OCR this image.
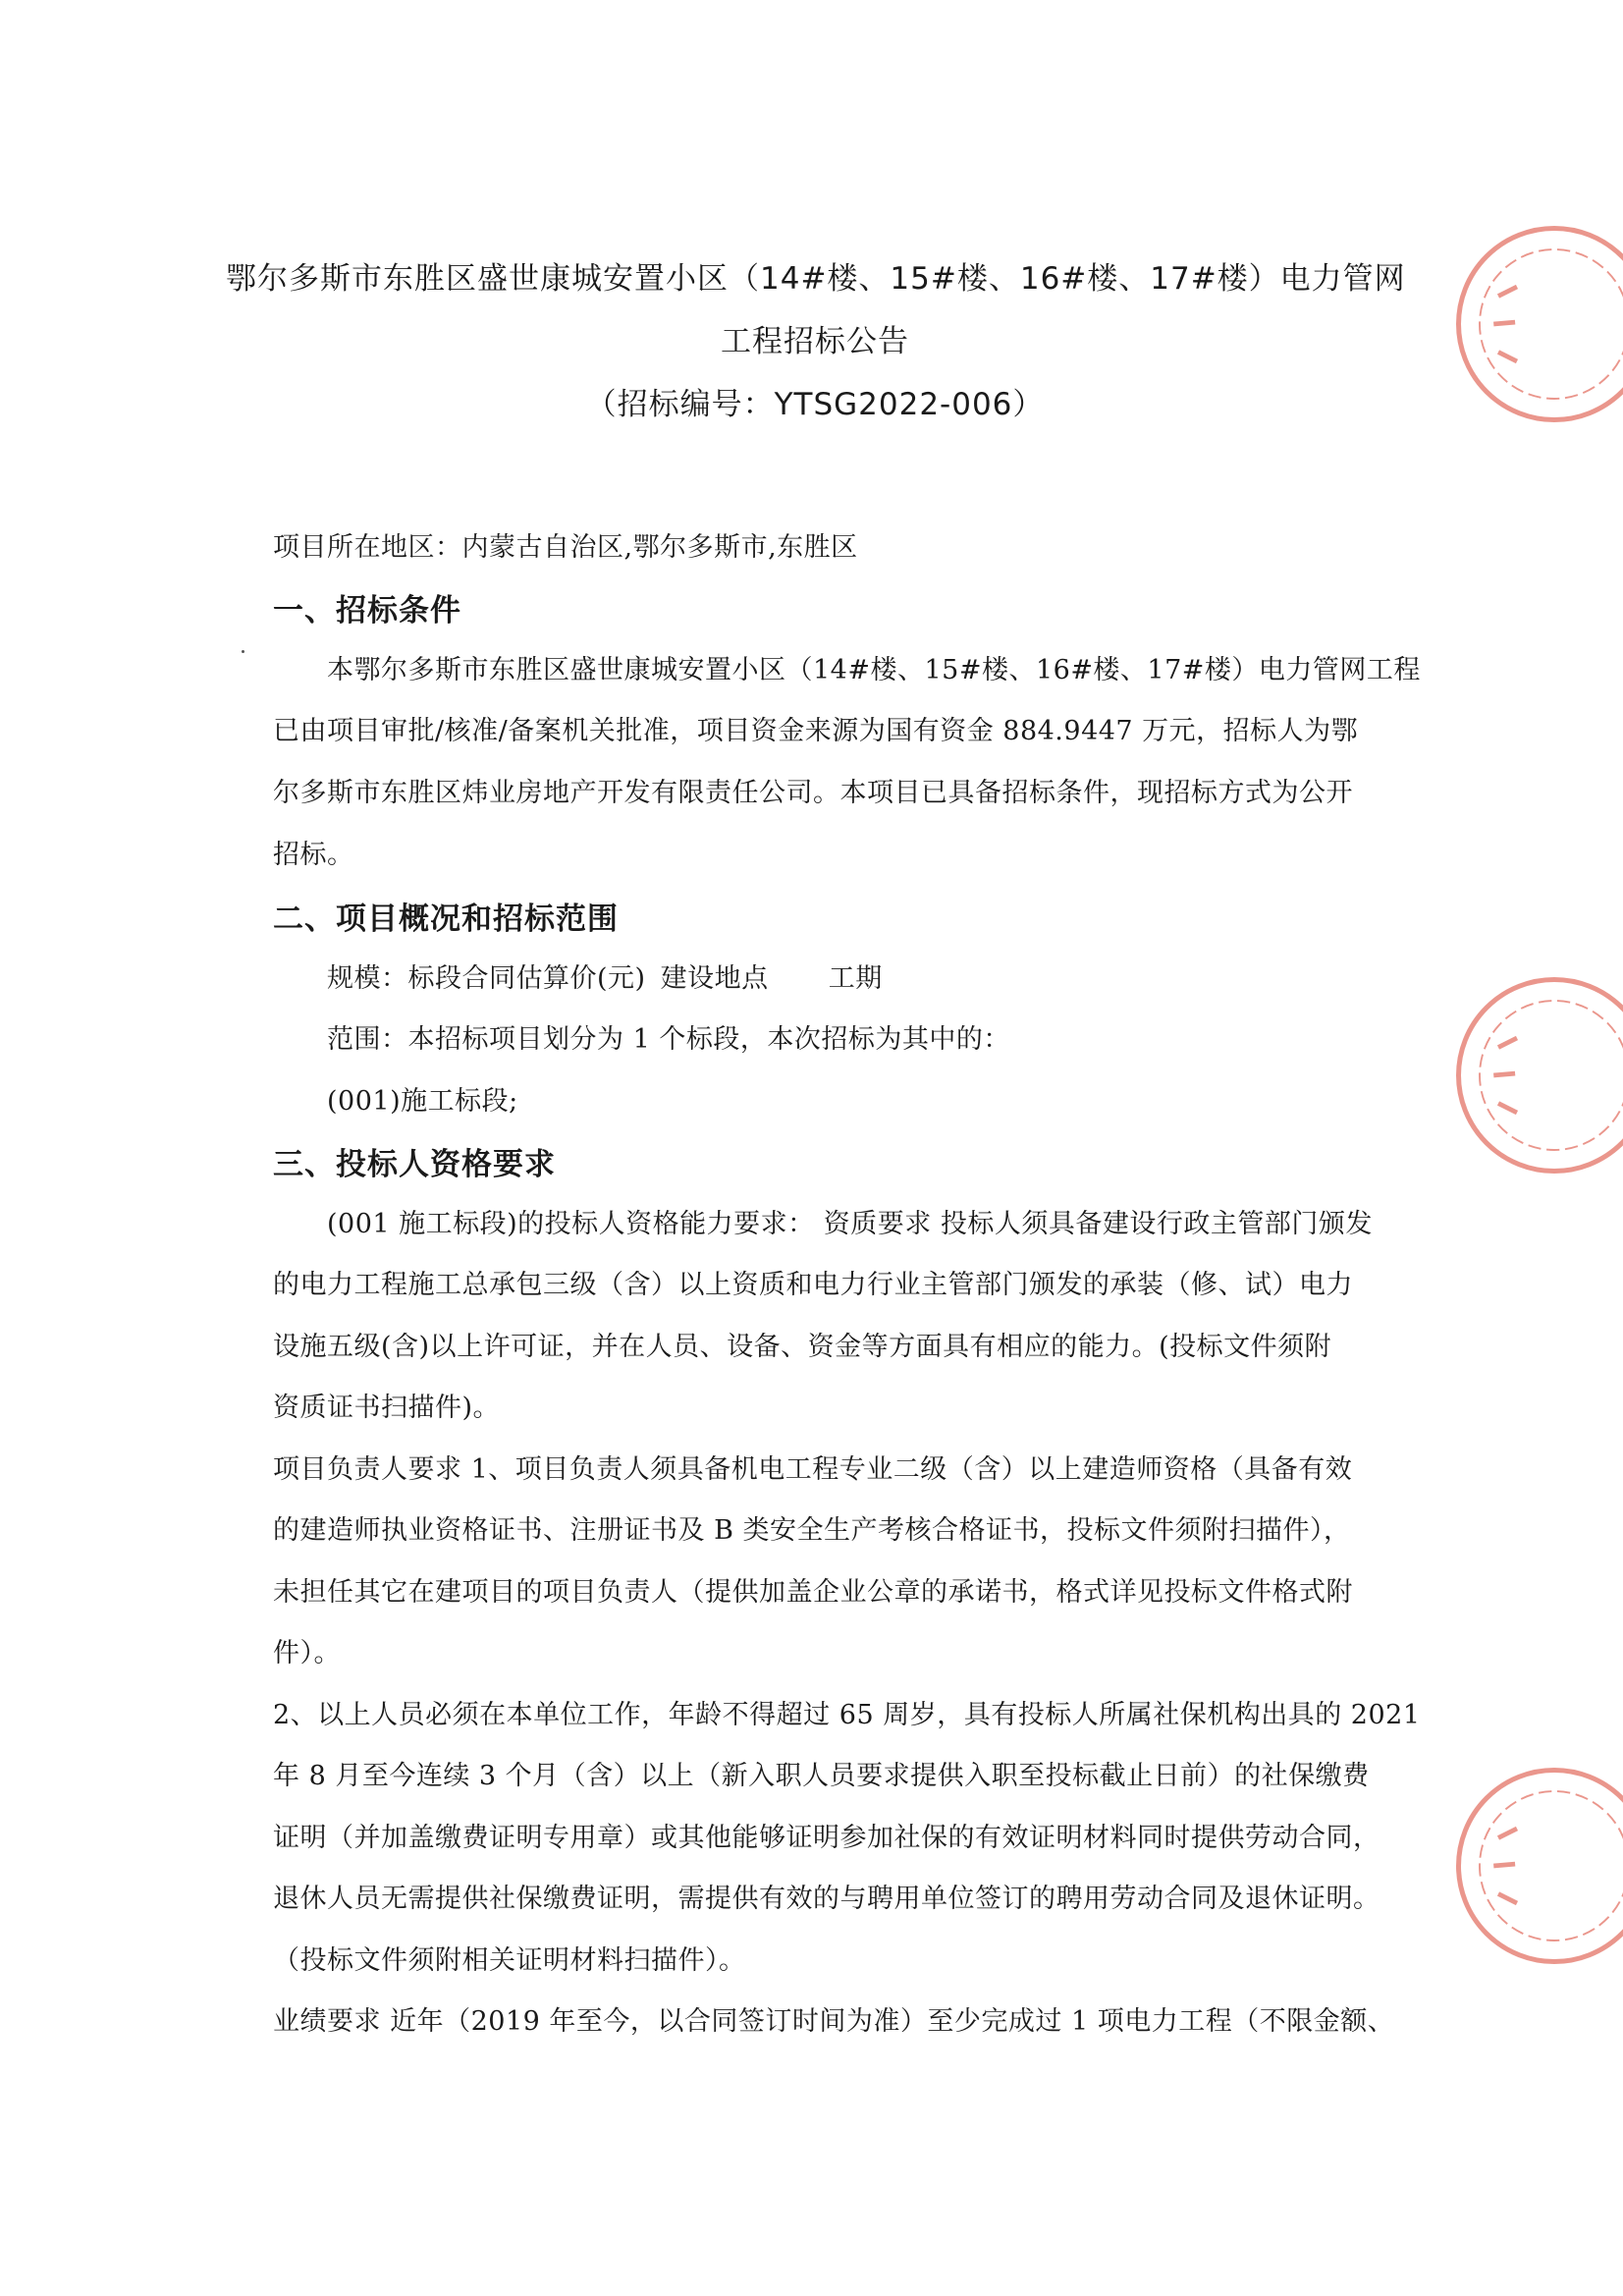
鄂尔多斯市东胜区盛世康城安置小区（14#楼、15#楼、16#楼、17#楼）电力管网
工程招标公告
（招标编号：YTSG2022-006）
项目所在地区：内蒙古自治区,鄂尔多斯市,东胜区
一、招标条件
本鄂尔多斯市东胜区盛世康城安置小区（14#楼、15#楼、16#楼、17#楼）电力管网工程
已由项目审批/核准/备案机关批准，项目资金来源为国有资金 884.9447 万元，招标人为鄂
尔多斯市东胜区炜业房地产开发有限责任公司。本项目已具备招标条件，现招标方式为公开
招标。
二、项目概况和招标范围
规模：标段合同估算价(元) 建设地点 工期
范围：本招标项目划分为 1 个标段，本次招标为其中的：
(001)施工标段;
三、投标人资格要求
(001 施工标段)的投标人资格能力要求： 资质要求 投标人须具备建设行政主管部门颁发
的电力工程施工总承包三级（含）以上资质和电力行业主管部门颁发的承装（修、试）电力
设施五级(含)以上许可证，并在人员、设备、资金等方面具有相应的能力。(投标文件须附
资质证书扫描件)。
项目负责人要求 1、项目负责人须具备机电工程专业二级（含）以上建造师资格（具备有效
的建造师执业资格证书、注册证书及 B 类安全生产考核合格证书，投标文件须附扫描件），
未担任其它在建项目的项目负责人（提供加盖企业公章的承诺书，格式详见投标文件格式附
件）。
2、以上人员必须在本单位工作，年龄不得超过 65 周岁，具有投标人所属社保机构出具的 2021
年 8 月至今连续 3 个月（含）以上（新入职人员要求提供入职至投标截止日前）的社保缴费
证明（并加盖缴费证明专用章）或其他能够证明参加社保的有效证明材料同时提供劳动合同，
退休人员无需提供社保缴费证明，需提供有效的与聘用单位签订的聘用劳动合同及退休证明。
（投标文件须附相关证明材料扫描件）。
业绩要求 近年（2019 年至今，以合同签订时间为准）至少完成过 1 项电力工程（不限金额、
